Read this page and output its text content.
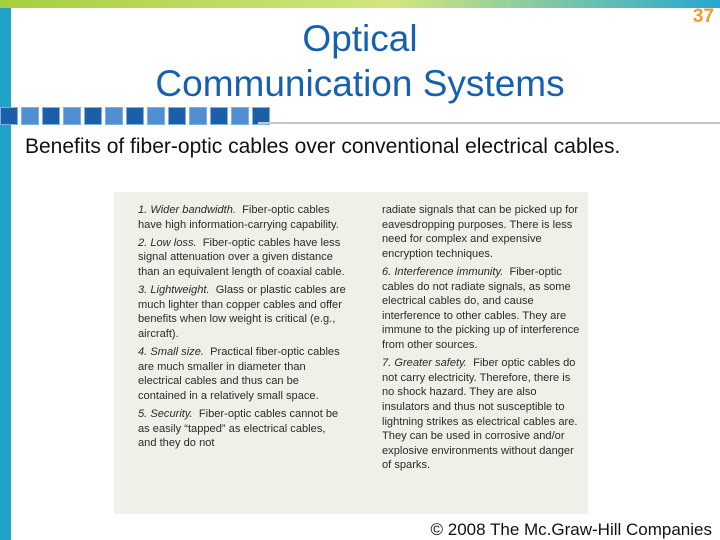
Optical
Communication Systems
37
Benefits of fiber-optic cables over conventional electrical cables.

1. Wider bandwidth. Fiber-optic cables have high information-carrying capability.

2. Low loss. Fiber-optic cables have less signal attenuation over a given distance than an equivalent length of coaxial cable.

3. Lightweight. Glass or plastic cables are much lighter than copper cables and offer benefits when low weight is critical (e.g., aircraft).

4. Small size. Practical fiber-optic cables are much smaller in diameter than electrical cables and thus can be contained in a relatively small space.

5. Security. Fiber-optic cables cannot be as easily “tapped” as electrical cables, and they do not

radiate signals that can be picked up for eavesdropping purposes. There is less need for complex and expensive encryption techniques.

6. Interference immunity. Fiber-optic cables do not radiate signals, as some electrical cables do, and cause interference to other cables. They are immune to the picking up of interference from other sources.

7. Greater safety. Fiber optic cables do not carry electricity. Therefore, there is no shock hazard. They are also insulators and thus not susceptible to lightning strikes as electrical cables are. They can be used in corrosive and/or explosive environments without danger of sparks.

© 2008 The Mc.Graw-Hill Companies
